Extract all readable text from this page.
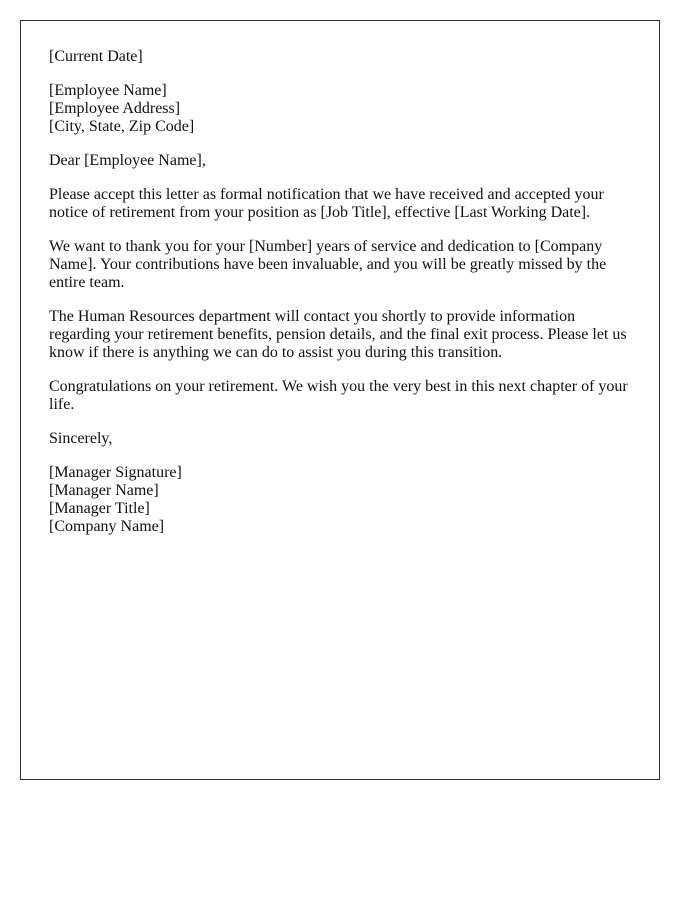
[Current Date]

[Employee Name]
[Employee Address]
[City, State, Zip Code]

Dear [Employee Name],

Please accept this letter as formal notification that we have received and accepted your notice of retirement from your position as [Job Title], effective [Last Working Date].

We want to thank you for your [Number] years of service and dedication to [Company Name]. Your contributions have been invaluable, and you will be greatly missed by the entire team.

The Human Resources department will contact you shortly to provide information regarding your retirement benefits, pension details, and the final exit process. Please let us know if there is anything we can do to assist you during this transition.

Congratulations on your retirement. We wish you the very best in this next chapter of your life.

Sincerely,

[Manager Signature]
[Manager Name]
[Manager Title]
[Company Name]
